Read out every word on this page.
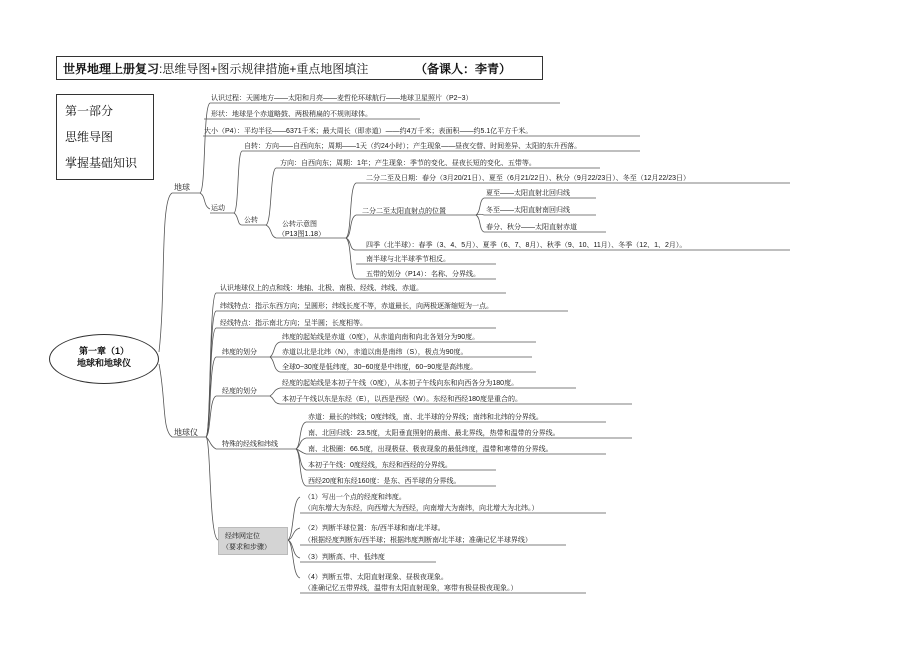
世界地理上册复习:思维导图+图示规律措施+重点地图填注	（备课人：李青）
第一部分
思维导图
掌握基础知识
第一章（1）
地球和地球仪
地球
认识过程：天圆地方——太阳和月亮——麦哲伦环球航行——地球卫星照片（P2~3）
形状：地球是个赤道略鼓、两极稍扁的不规则球体。
大小（P4）：平均半径——6371千米；最大周长（即赤道）——约4万千米；表面积——约5.1亿平方千米。
运动
自转：方向——自西向东；周期——1天（约24小时）；产生现象——昼夜交替、时间差异、太阳的东升西落。
公转
方向：自西向东；周期：1年；产生现象：季节的变化、昼夜长短的变化、五带等。
公转示意图
（P13图1.18）
二分二至及日期：春分（3月20/21日）、夏至（6月21/22日）、秋分（9月22/23日）、冬至（12月22/23日）
二分二至太阳直射点的位置
夏至——太阳直射北回归线
冬至——太阳直射南回归线
春分、秋分——太阳直射赤道
四季（北半球）：春季（3、4、5月）、夏季（6、7、8月）、秋季（9、10、11月）、冬季（12、1、2月）。
南半球与北半球季节相反。
五带的划分（P14）：名称、分界线。
地球仪
认识地球仪上的点和线：地轴、北极、南极、经线、纬线、赤道。
纬线特点：指示东西方向；呈圆形；纬线长度不等，赤道最长，向两极逐渐缩短为一点。
经线特点：指示南北方向；呈半圆；长度相等。
纬度的划分
纬度的起始线是赤道（0度），从赤道向南和向北各划分为90度。
赤道以北是北纬（N），赤道以南是南纬（S），极点为90度。
全球0~30度是低纬度，30~60度是中纬度，60~90度是高纬度。
经度的划分
经度的起始线是本初子午线（0度），从本初子午线向东和向西各分为180度。
本初子午线以东是东经（E），以西是西经（W）。东经和西经180度是重合的。
特殊的经线和纬线
赤道：最长的纬线；0度纬线，南、北半球的分界线；南纬和北纬的分界线。
南、北回归线：23.5度，太阳垂直照射的最南、最北界线，热带和温带的分界线。
南、北极圈：66.5度，出现极昼、极夜现象的最低纬度，温带和寒带的分界线。
本初子午线：0度经线，东经和西经的分界线。
西经20度和东经160度：是东、西半球的分界线。
经纬网定位
（要求和步骤）
（1）写出一个点的经度和纬度。
（向东增大为东经，向西增大为西经，向南增大为南纬，向北增大为北纬。）
（2）判断半球位置：东/西半球和南/北半球。
（根据经度判断东/西半球；根据纬度判断南/北半球；准确记忆半球界线）
（3）判断高、中、低纬度
（4）判断五带、太阳直射现象、昼极夜现象。
（准确记忆五带界线，温带有太阳直射现象，寒带有极昼极夜现象。）
